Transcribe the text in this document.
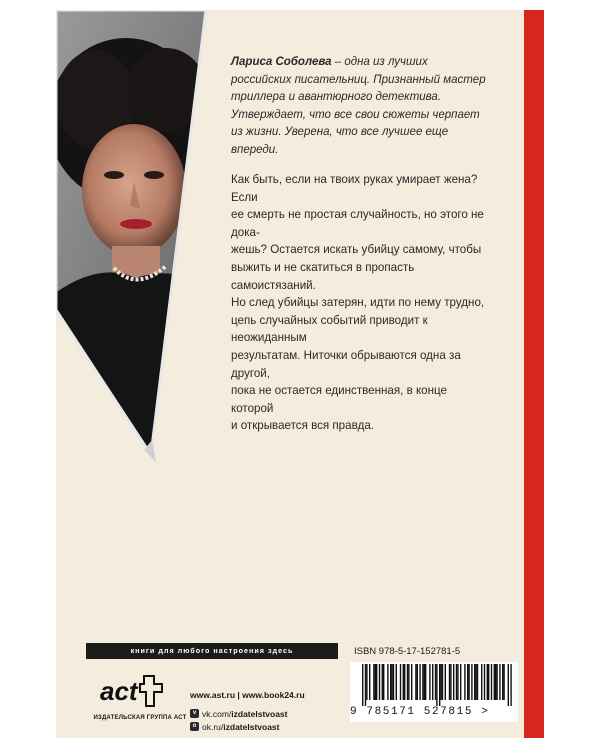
Лариса Соболева – одна из лучших российских писательниц. Признанный мастер триллера и авантюрного детектива. Утверждает, что все свои сюжеты черпает из жизни. Уверена, что все лучшее еще впереди.
Как быть, если на твоих руках умирает жена? Если
ее смерть не простая случайность, но этого не дока-
жешь? Остается искать убийцу самому, чтобы
выжить и не скатиться в пропасть самоистязаний.
Но след убийцы затерян, идти по нему трудно,
цепь случайных событий приводит к неожиданным
результатам. Ниточки обрываются одна за другой,
пока не остается единственная, в конце которой
и открывается вся правда.
книги для любого настроения здесь
act
ИЗДАТЕЛЬСКАЯ ГРУППА АСТ
www.ast.ru | www.book24.ru
v vk.com/ izdatelstvoast
o ok.ru/ izdatelstvoast
ISBN 978-5-17-152781-5
9 785171 527815 >
